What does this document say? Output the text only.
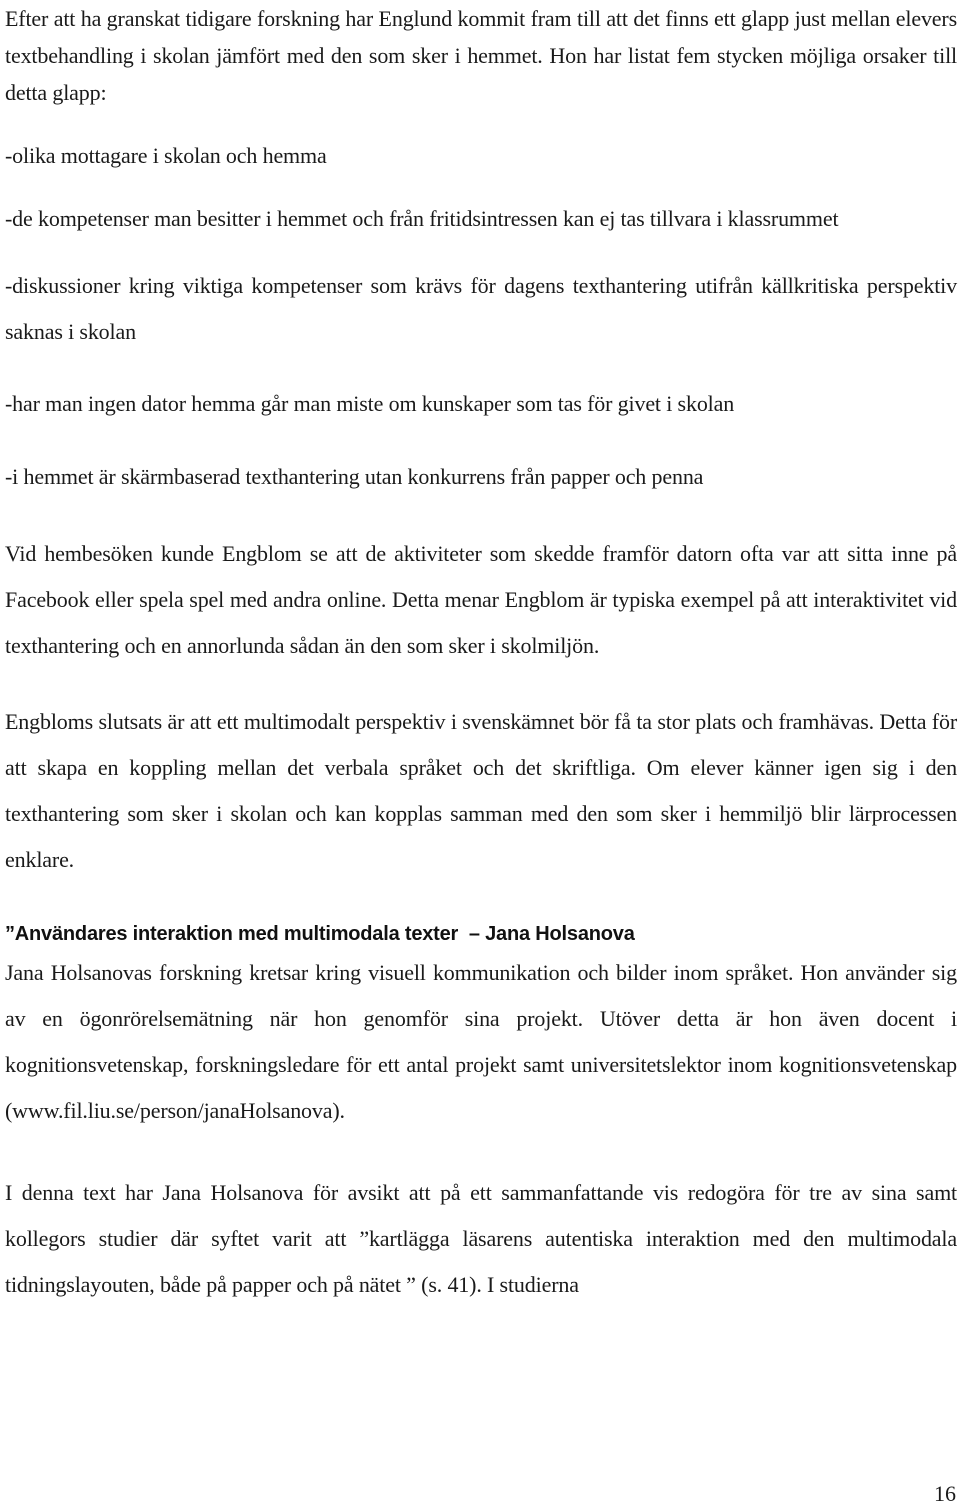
Efter att ha granskat tidigare forskning har Englund kommit fram till att det finns ett glapp just mellan elevers textbehandling i skolan jämfört med den som sker i hemmet. Hon har listat fem stycken möjliga orsaker till detta glapp:

-olika mottagare i skolan och hemma

-de kompetenser man besitter i hemmet och från fritidsintressen kan ej tas tillvara i klassrummet

-diskussioner kring viktiga kompetenser som krävs för dagens texthantering utifrån källkritiska perspektiv saknas i skolan

-har man ingen dator hemma går man miste om kunskaper som tas för givet i skolan

-i hemmet är skärmbaserad texthantering utan konkurrens från papper och penna

Vid hembesöken kunde Engblom se att de aktiviteter som skedde framför datorn ofta var att sitta inne på Facebook eller spela spel med andra online. Detta menar Engblom är typiska exempel på att interaktivitet vid texthantering och en annorlunda sådan än den som sker i skolmiljön.

Engbloms slutsats är att ett multimodalt perspektiv i svenskämnet bör få ta stor plats och framhävas. Detta för att skapa en koppling mellan det verbala språket och det skriftliga. Om elever känner igen sig i den texthantering som sker i skolan och kan kopplas samman med den som sker i hemmiljö blir lärprocessen enklare.

”Användares interaktion med multimodala texter  – Jana Holsanova

Jana Holsanovas forskning kretsar kring visuell kommunikation och bilder inom språket. Hon använder sig av en ögonrörelsemätning när hon genomför sina projekt. Utöver detta är hon även docent i kognitionsvetenskap, forskningsledare för ett antal projekt samt universitetslektor inom kognitionsvetenskap (www.fil.liu.se/person/janaHolsanova).

I denna text har Jana Holsanova för avsikt att på ett sammanfattande vis redogöra för tre av sina samt kollegors studier där syftet varit att ”kartlägga läsarens autentiska interaktion med den multimodala tidningslayouten, både på papper och på nätet ” (s. 41). I studierna

16
